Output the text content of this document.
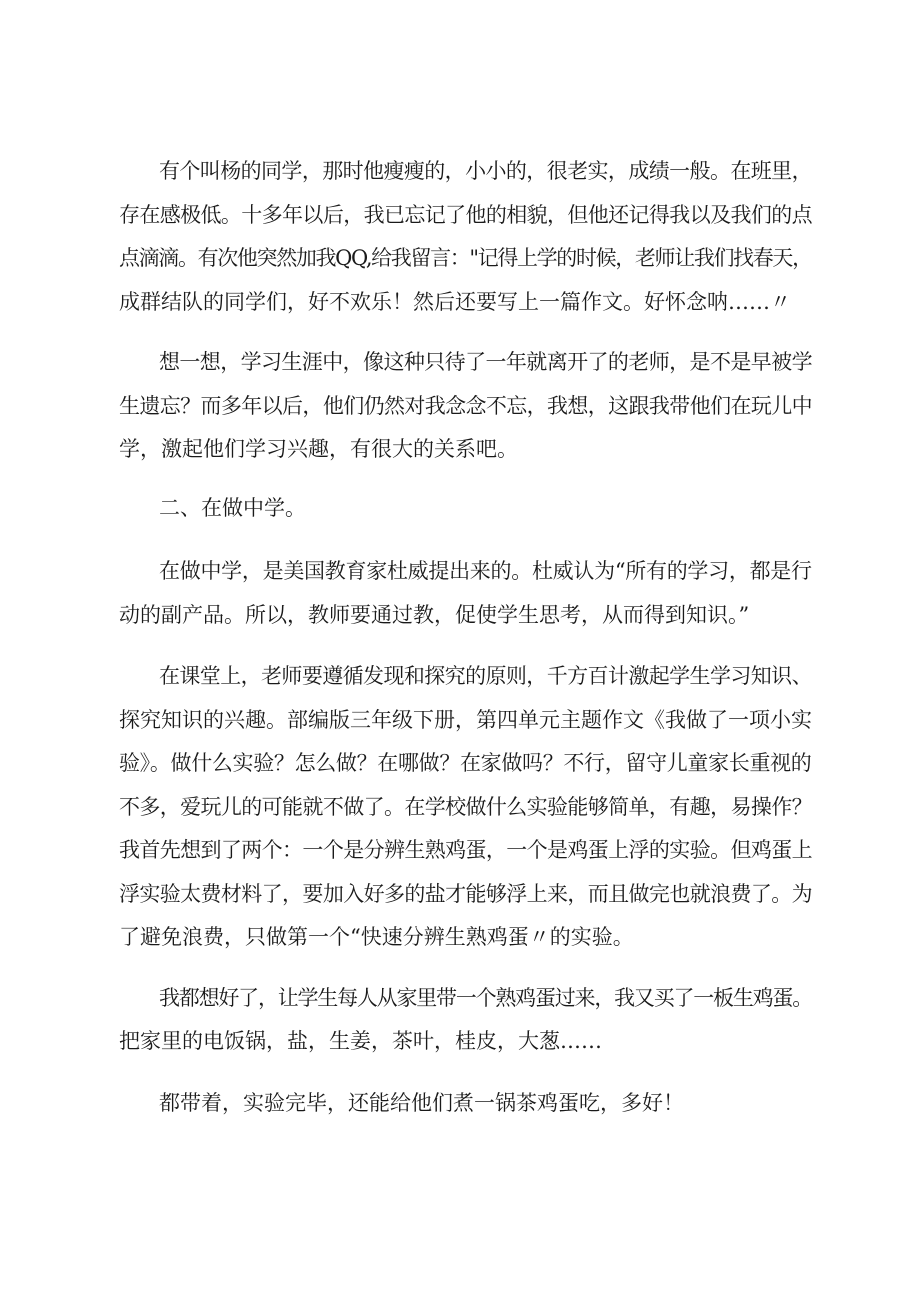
有个叫杨的同学，那时他瘦瘦的，小小的，很老实，成绩一般。在班里，
存在感极低。十多年以后，我已忘记了他的相貌，但他还记得我以及我们的点
点滴滴。有次他突然加我QQ,给我留言："记得上学的时候，老师让我们找春天，
成群结队的同学们，好不欢乐！然后还要写上一篇作文。好怀念呐……〃
想一想，学习生涯中，像这种只待了一年就离开了的老师，是不是早被学
生遗忘？而多年以后，他们仍然对我念念不忘，我想，这跟我带他们在玩儿中
学，激起他们学习兴趣，有很大的关系吧。
二、在做中学。
在做中学，是美国教育家杜威提出来的。杜威认为“所有的学习，都是行
动的副产品。所以，教师要通过教，促使学生思考，从而得到知识。”
在课堂上，老师要遵循发现和探究的原则，千方百计激起学生学习知识、
探究知识的兴趣。部编版三年级下册，第四单元主题作文《我做了一项小实
验》。做什么实验？怎么做？在哪做？在家做吗？不行，留守儿童家长重视的
不多，爱玩儿的可能就不做了。在学校做什么实验能够简单，有趣，易操作？
我首先想到了两个：一个是分辨生熟鸡蛋，一个是鸡蛋上浮的实验。但鸡蛋上
浮实验太费材料了，要加入好多的盐才能够浮上来，而且做完也就浪费了。为
了避免浪费，只做第一个“快速分辨生熟鸡蛋〃的实验。
我都想好了，让学生每人从家里带一个熟鸡蛋过来，我又买了一板生鸡蛋。
把家里的电饭锅，盐，生姜，茶叶，桂皮，大葱……
都带着，实验完毕，还能给他们煮一锅茶鸡蛋吃，多好！
